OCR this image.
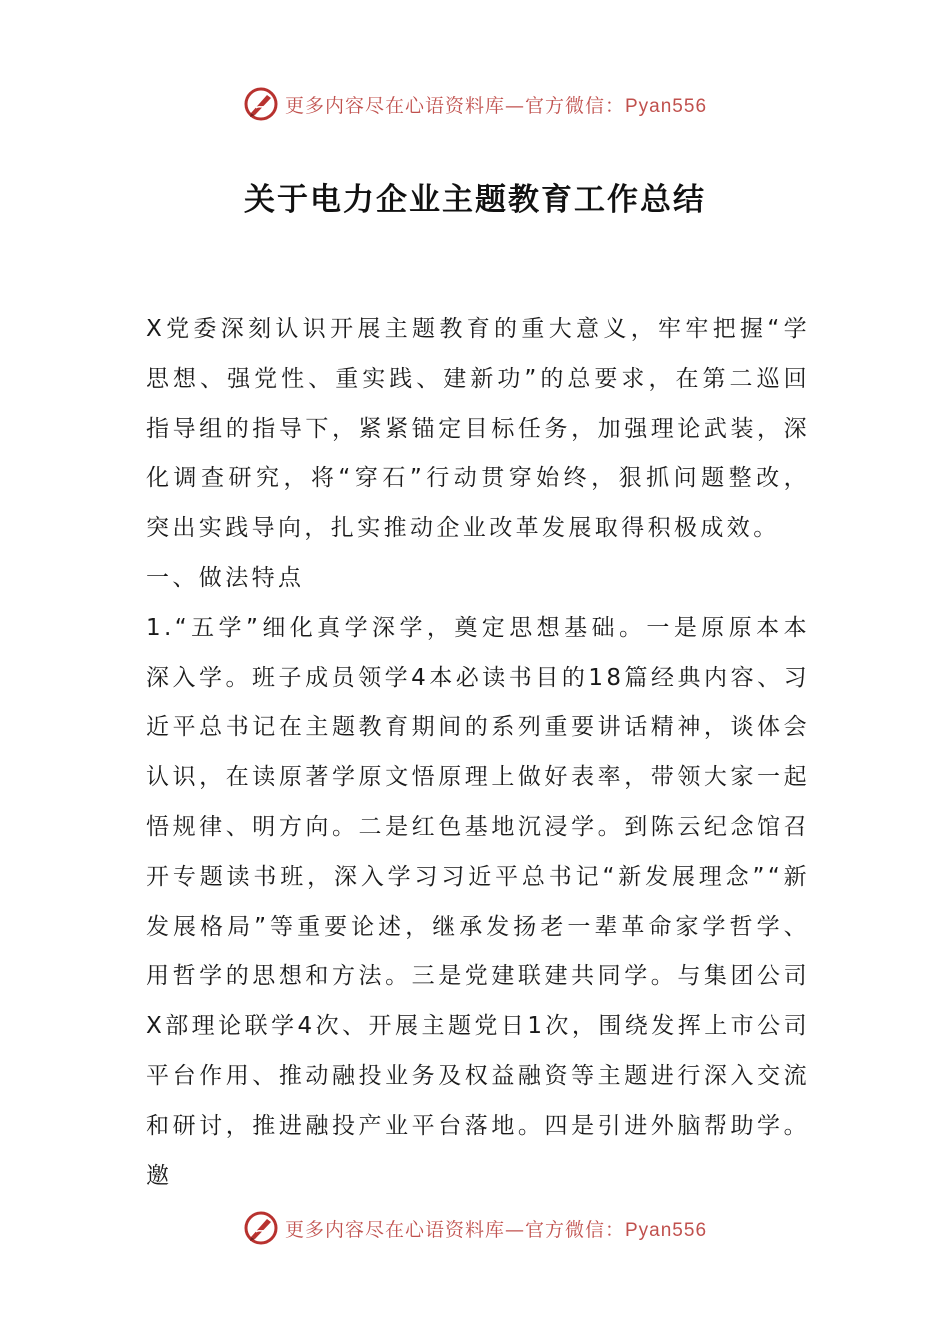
更多内容尽在心语资料库—官方微信：Pyan556
关于电力企业主题教育工作总结

X党委深刻认识开展主题教育的重大意义，牢牢把握“学思想、强党性、重实践、建新功”的总要求，在第二巡回指导组的指导下，紧紧锚定目标任务，加强理论武装，深化调查研究，将“穿石”行动贯穿始终，狠抓问题整改，突出实践导向，扎实推动企业改革发展取得积极成效。

一、做法特点

1.“五学”细化真学深学，奠定思想基础。一是原原本本深入学。班子成员领学4本必读书目的18篇经典内容、习近平总书记在主题教育期间的系列重要讲话精神，谈体会认识，在读原著学原文悟原理上做好表率，带领大家一起悟规律、明方向。二是红色基地沉浸学。到陈云纪念馆召开专题读书班，深入学习习近平总书记“新发展理念”“新发展格局”等重要论述，继承发扬老一辈革命家学哲学、用哲学的思想和方法。三是党建联建共同学。与集团公司X部理论联学4次、开展主题党日1次，围绕发挥上市公司平台作用、推动融投业务及权益融资等主题进行深入交流和研讨，推进融投产业平台落地。四是引进外脑帮助学。邀

更多内容尽在心语资料库—官方微信：Pyan556
